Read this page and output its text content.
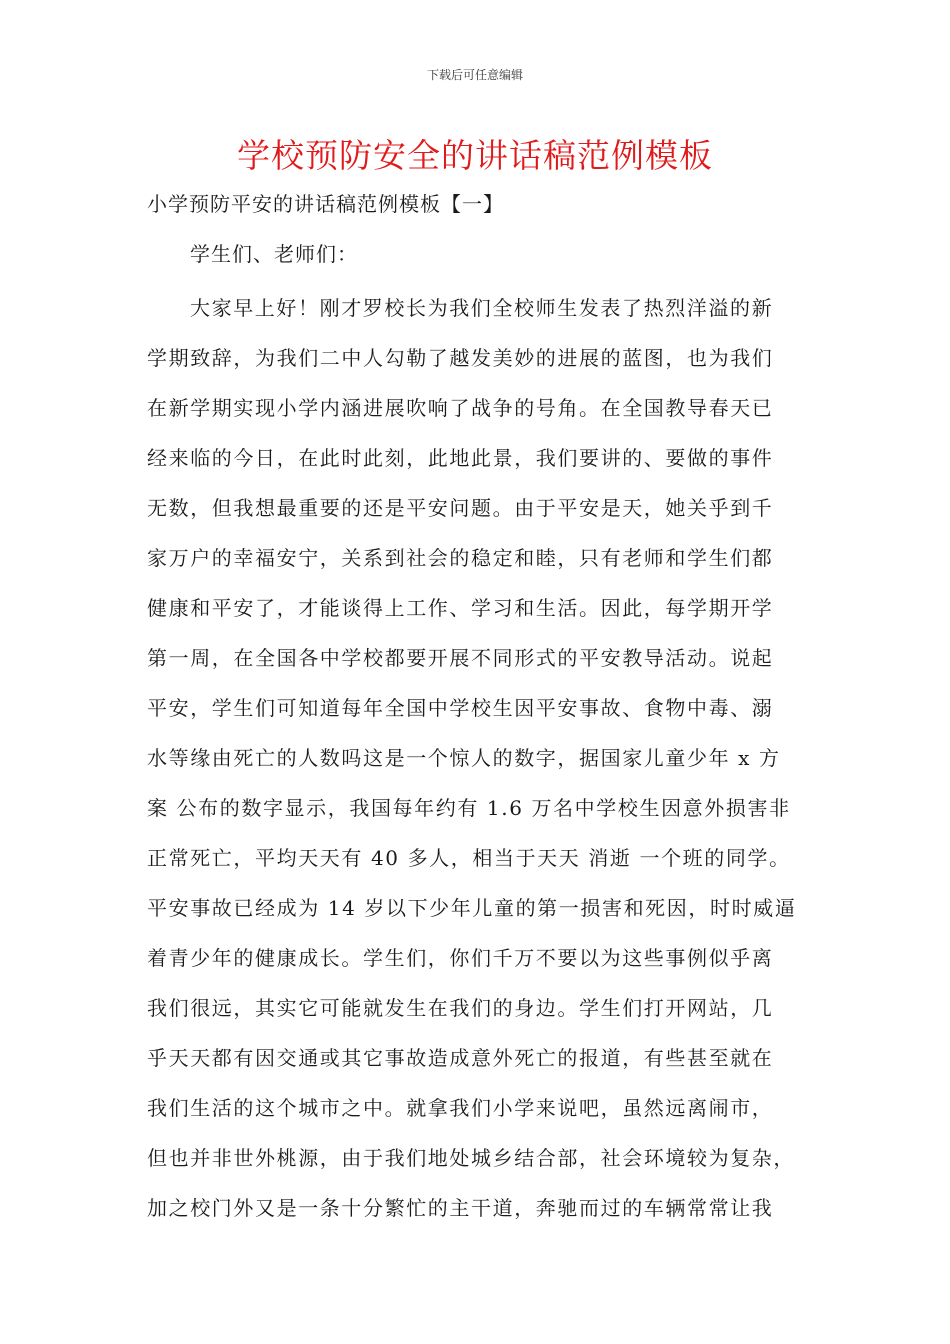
下载后可任意编辑
学校预防安全的讲话稿范例模板
小学预防平安的讲话稿范例模板【一】
学生们、老师们：
大家早上好！刚才罗校长为我们全校师生发表了热烈洋溢的新
学期致辞，为我们二中人勾勒了越发美妙的进展的蓝图，也为我们
在新学期实现小学内涵进展吹响了战争的号角。在全国教导春天已
经来临的今日，在此时此刻，此地此景，我们要讲的、要做的事件
无数，但我想最重要的还是平安问题。由于平安是天，她关乎到千
家万户的幸福安宁，关系到社会的稳定和睦，只有老师和学生们都
健康和平安了，才能谈得上工作、学习和生活。因此，每学期开学
第一周，在全国各中学校都要开展不同形式的平安教导活动。说起
平安，学生们可知道每年全国中学校生因平安事故、食物中毒、溺
水等缘由死亡的人数吗这是一个惊人的数字，据国家儿童少年 x 方
案 公布的数字显示，我国每年约有 1.6 万名中学校生因意外损害非
正常死亡，平均天天有 40 多人，相当于天天 消逝 一个班的同学。
平安事故已经成为 14 岁以下少年儿童的第一损害和死因，时时威逼
着青少年的健康成长。学生们，你们千万不要以为这些事例似乎离
我们很远，其实它可能就发生在我们的身边。学生们打开网站，几
乎天天都有因交通或其它事故造成意外死亡的报道，有些甚至就在
我们生活的这个城市之中。就拿我们小学来说吧，虽然远离闹市，
但也并非世外桃源，由于我们地处城乡结合部，社会环境较为复杂，
加之校门外又是一条十分繁忙的主干道，奔驰而过的车辆常常让我
